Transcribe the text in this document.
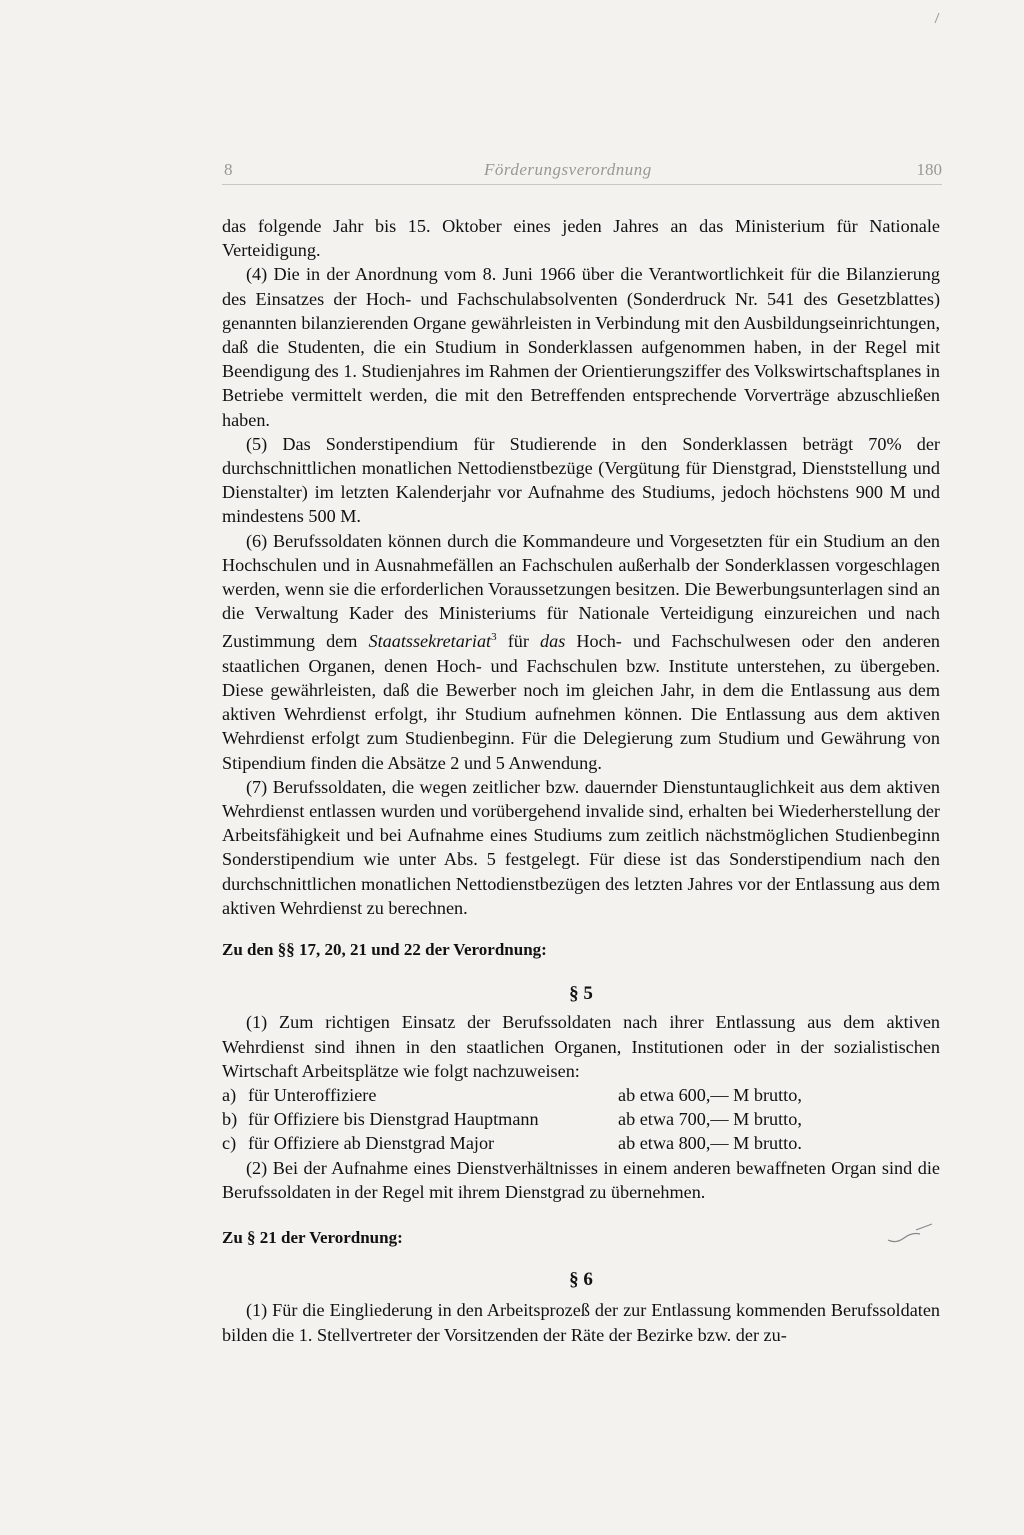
8	Förderungsverordnung	180

das folgende Jahr bis 15. Oktober eines jeden Jahres an das Ministerium für Nationale Verteidigung.

(4) Die in der Anordnung vom 8. Juni 1966 über die Verantwortlichkeit für die Bilanzierung des Einsatzes der Hoch- und Fachschulabsolventen (Sonderdruck Nr. 541 des Gesetzblattes) genannten bilanzierenden Organe gewährleisten in Verbindung mit den Ausbildungseinrichtungen, daß die Studenten, die ein Studium in Sonderklassen aufgenommen haben, in der Regel mit Beendigung des 1. Studienjahres im Rahmen der Orientierungsziffer des Volkswirtschaftsplanes in Betriebe vermittelt werden, die mit den Betreffenden entsprechende Vorverträge abzuschließen haben.

(5) Das Sonderstipendium für Studierende in den Sonderklassen beträgt 70% der durchschnittlichen monatlichen Nettodienstbezüge (Vergütung für Dienstgrad, Dienststellung und Dienstalter) im letzten Kalenderjahr vor Aufnahme des Studiums, jedoch höchstens 900 M und mindestens 500 M.

(6) Berufssoldaten können durch die Kommandeure und Vorgesetzten für ein Studium an den Hochschulen und in Ausnahmefällen an Fachschulen außerhalb der Sonderklassen vorgeschlagen werden, wenn sie die erforderlichen Voraussetzungen besitzen. Die Bewerbungsunterlagen sind an die Verwaltung Kader des Ministeriums für Nationale Verteidigung einzureichen und nach Zustimmung dem Staatssekretariat$^3$ für das Hoch- und Fachschulwesen oder den anderen staatlichen Organen, denen Hoch- und Fachschulen bzw. Institute unterstehen, zu übergeben. Diese gewährleisten, daß die Bewerber noch im gleichen Jahr, in dem die Entlassung aus dem aktiven Wehrdienst erfolgt, ihr Studium aufnehmen können. Die Entlassung aus dem aktiven Wehrdienst erfolgt zum Studienbeginn. Für die Delegierung zum Studium und Gewährung von Stipendium finden die Absätze 2 und 5 Anwendung.

(7) Berufssoldaten, die wegen zeitlicher bzw. dauernder Dienstuntauglichkeit aus dem aktiven Wehrdienst entlassen wurden und vorübergehend invalide sind, erhalten bei Wiederherstellung der Arbeitsfähigkeit und bei Aufnahme eines Studiums zum zeitlich nächstmöglichen Studienbeginn Sonderstipendium wie unter Abs. 5 festgelegt. Für diese ist das Sonderstipendium nach den durchschnittlichen monatlichen Nettodienstbezügen des letzten Jahres vor der Entlassung aus dem aktiven Wehrdienst zu berechnen.

Zu den §§ 17, 20, 21 und 22 der Verordnung:

§ 5

(1) Zum richtigen Einsatz der Berufssoldaten nach ihrer Entlassung aus dem aktiven Wehrdienst sind ihnen in den staatlichen Organen, Institutionen oder in der sozialistischen Wirtschaft Arbeitsplätze wie folgt nachzuweisen:

a) für Unteroffiziere	ab etwa 600,— M brutto,
b) für Offiziere bis Dienstgrad Hauptmann	ab etwa 700,— M brutto,
c) für Offiziere ab Dienstgrad Major	ab etwa 800,— M brutto.

(2) Bei der Aufnahme eines Dienstverhältnisses in einem anderen bewaffneten Organ sind die Berufssoldaten in der Regel mit ihrem Dienstgrad zu übernehmen.

Zu § 21 der Verordnung:

§ 6

(1) Für die Eingliederung in den Arbeitsprozeß der zur Entlassung kommenden Berufssoldaten bilden die 1. Stellvertreter der Vorsitzenden der Räte der Bezirke bzw. der zu-
